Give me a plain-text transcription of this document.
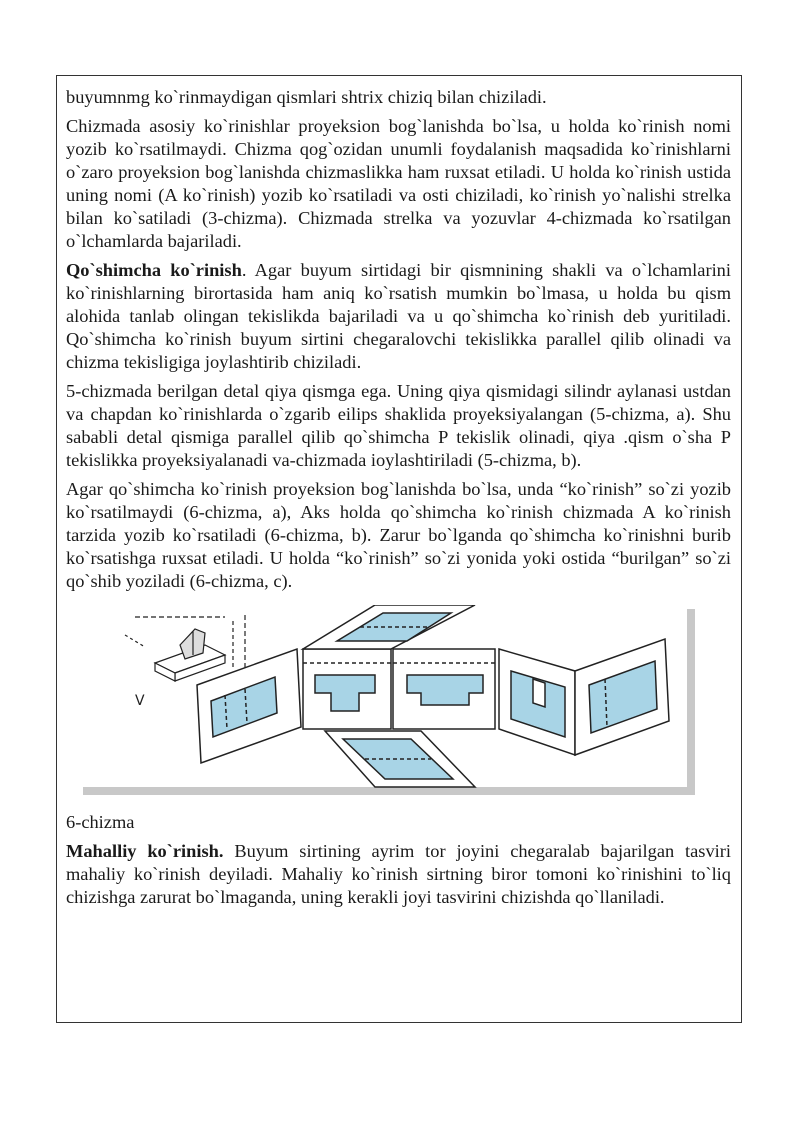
buyumnmg ko`rinmaydigan qismlari shtrix chiziq bilan chiziladi.

Chizmada asosiy ko`rinishlar proyeksion bog`lanishda bo`lsa, u holda ko`rinish nomi yozib ko`rsatilmaydi. Chizma qog`ozidan unumli foydalanish maqsadida ko`rinishlarni o`zaro proyeksion bog`lanishda chizmaslikka ham ruxsat etiladi. U holda ko`rinish ustida uning nomi (A ko`rinish) yozib ko`rsatiladi va osti chiziladi, ko`rinish yo`nalishi strelka bilan ko`satiladi (3-chizma). Chizmada strelka va yozuvlar 4-chizmada ko`rsatilgan o`lchamlarda bajariladi.

Qo`shimcha ko`rinish. Agar buyum sirtidagi bir qismnining shakli va o`lchamlarini ko`rinishlarning birortasida ham aniq ko`rsatish mumkin bo`lmasa, u holda bu qism alohida tanlab olingan tekislikda bajariladi va u qo`shimcha ko`rinish deb yuritiladi. Qo`shimcha ko`rinish buyum sirtini chegaralovchi tekislikka parallel qilib olinadi va chizma tekisligiga joylashtirib chiziladi.

5-chizmada berilgan detal qiya qismga ega. Uning qiya qismidagi silindr aylanasi ustdan va chapdan ko`rinishlarda o`zgarib eilips shaklida proyeksiyalangan (5-chizma, a). Shu sababli detal qismiga parallel qilib qo`shimcha P tekislik olinadi, qiya .qism o`sha P tekislikka proyeksiyalanadi va-chizmada ioylashtiriladi (5-chizma, b).

Agar qo`shimcha ko`rinish proyeksion bog`lanishda bo`lsa, unda “ko`rinish” so`zi yozib ko`rsatilmaydi (6-chizma, a), Aks holda qo`shimcha ko`rinish chizmada A ko`rinish tarzida yozib ko`rsatiladi (6-chizma, b). Zarur bo`lganda qo`shimcha ko`rinishni burib ko`rsatishga ruxsat etiladi. U holda “ko`rinish” so`zi yonida yoki ostida “burilgan” so`zi qo`shib yoziladi (6-chizma, c).

V
6-chizma

Mahalliy ko`rinish. Buyum sirtining ayrim tor joyini chegaralab bajarilgan tasviri mahaliy ko`rinish deyiladi. Mahaliy ko`rinish sirtning biror tomoni ko`rinishini to`liq chizishga zarurat bo`lmaganda, uning kerakli joyi tasvirini chizishda qo`llaniladi.
